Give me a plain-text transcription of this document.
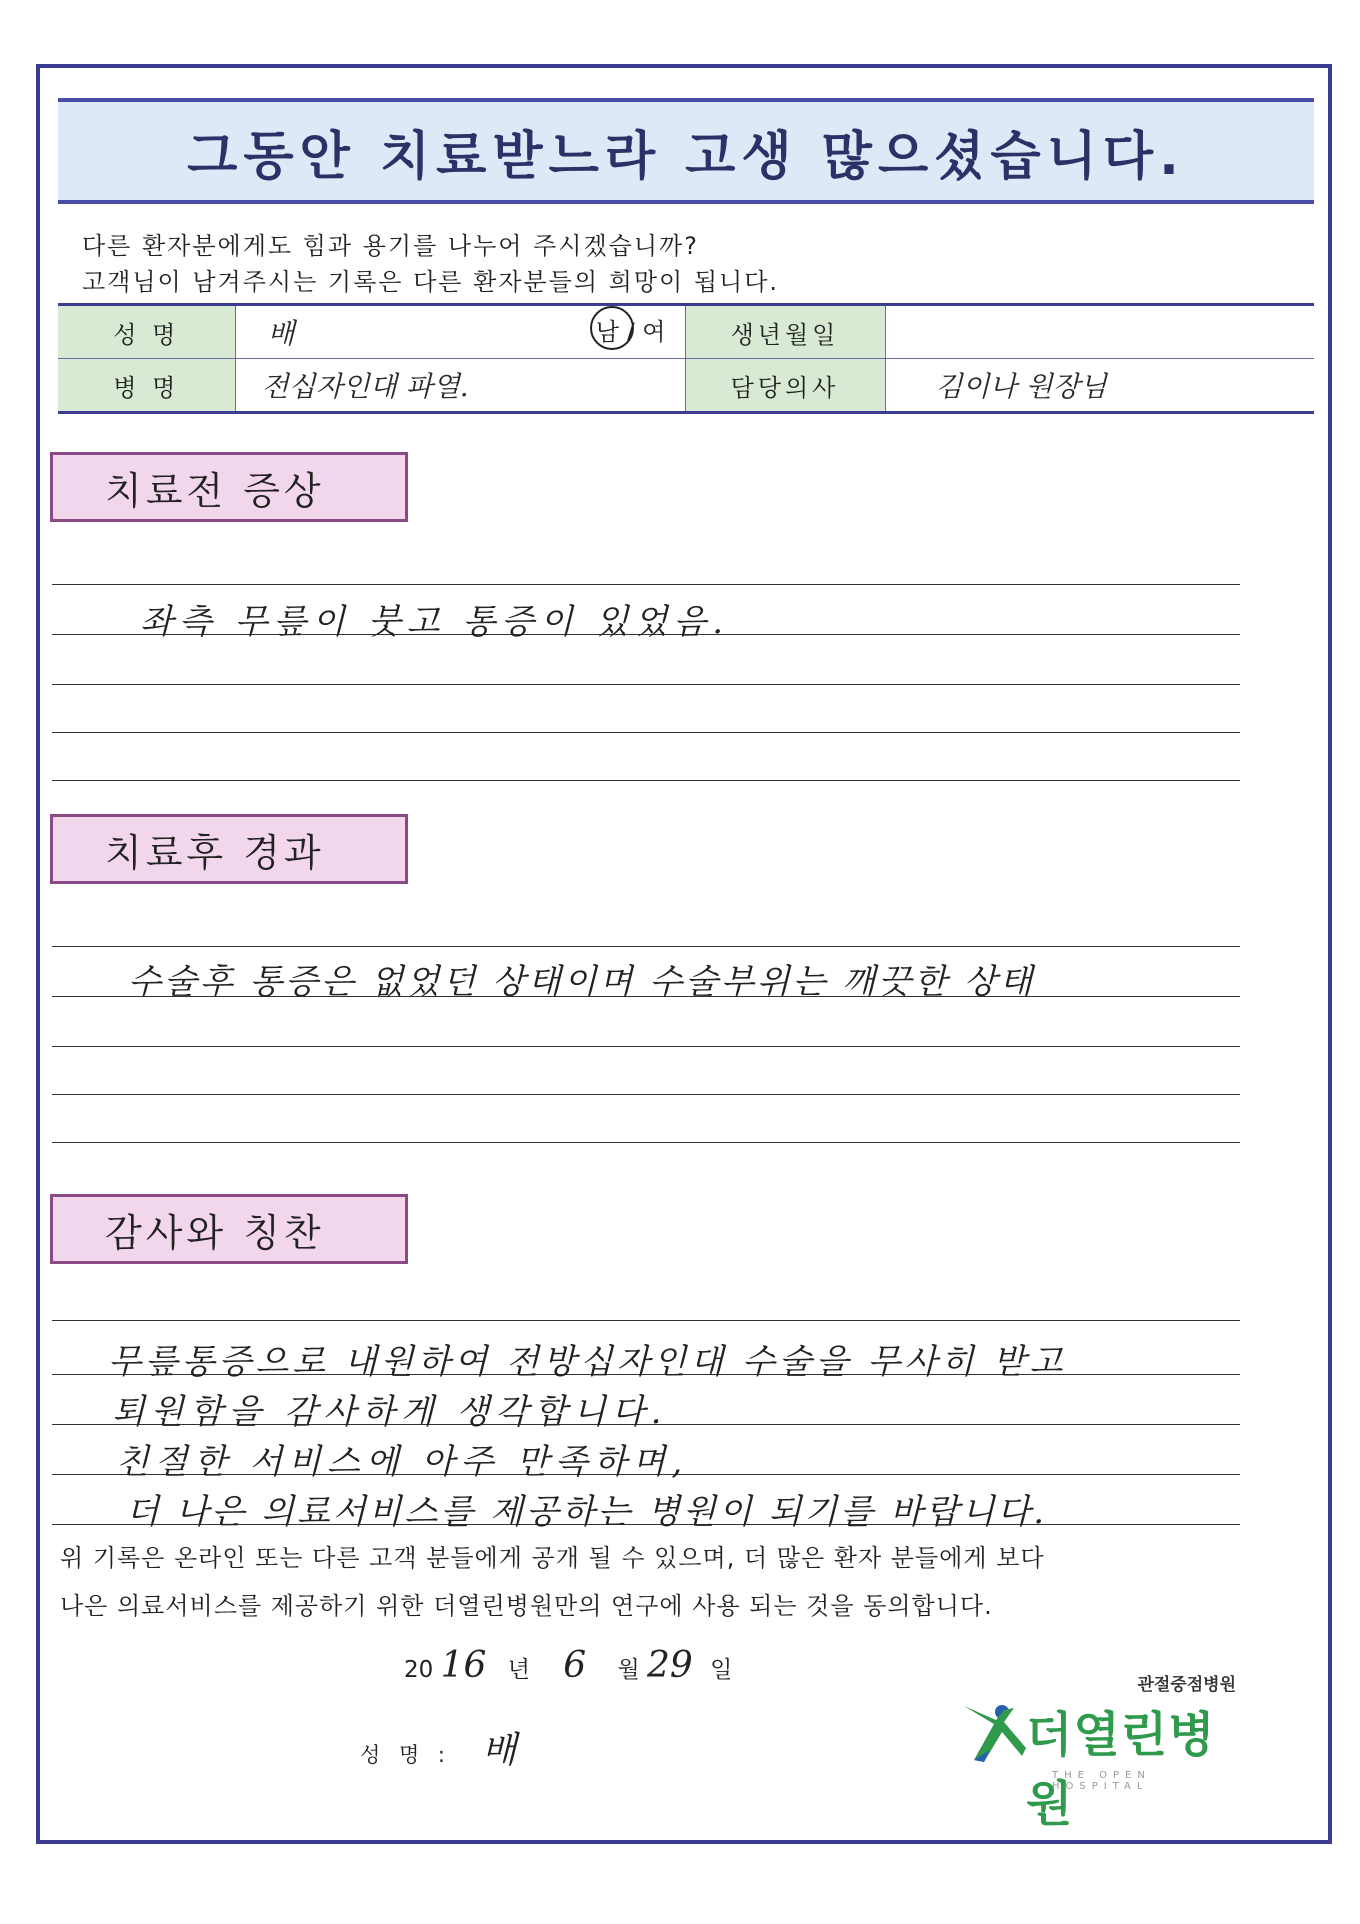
그동안 치료받느라 고생 많으셨습니다.
다른 환자분에게도 힘과 용기를 나누어 주시겠습니까?
고객님이 남겨주시는 기록은 다른 환자분들의 희망이 됩니다.
성 명	배 남 / 여	생년월일	
병 명	전십자인대 파열.	담당의사	김이나 원장님
치료전 증상
좌측 무릎이 붓고 통증이 있었음.
치료후 경과
수술후 통증은 없었던 상태이며 수술부위는 깨끗한 상태
감사와 칭찬
무릎통증으로 내원하여 전방십자인대 수술을 무사히 받고
퇴원함을 감사하게 생각합니다.
친절한 서비스에 아주 만족하며,
더 나은 의료서비스를 제공하는 병원이 되기를 바랍니다.
위 기록은 온라인 또는 다른 고객 분들에게 공개 될 수 있으며, 더 많은 환자 분들에게 보다
나은 의료서비스를 제공하기 위한 더열린병원만의 연구에 사용 되는 것을 동의합니다.
20 16 년 6 월 29 일
성 명 : 배
관절중점병원
더열린병원
THE OPEN HOSPITAL
